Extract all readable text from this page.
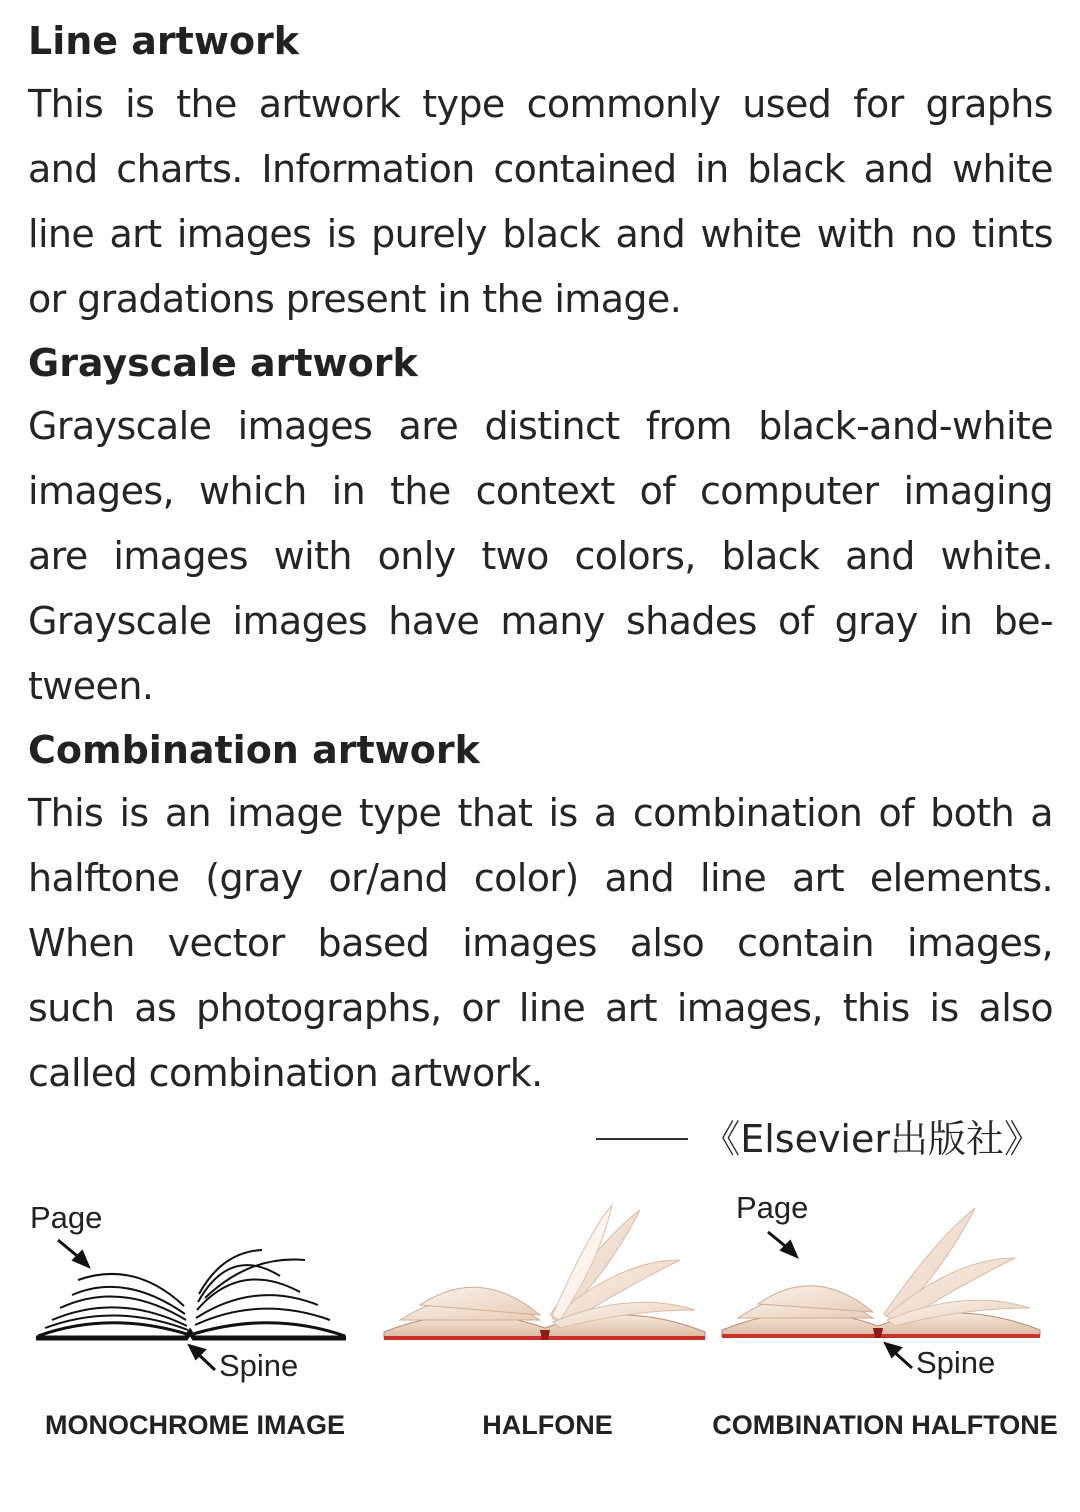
Line artwork

This is the artwork type commonly used for graphs

and charts. Information contained in black and white

line art images is purely black and white with no tints

or gradations present in the image.

Grayscale artwork

Grayscale images are distinct from black-and-white

images, which in the context of computer imaging

are images with only two colors, black and white.

Grayscale images have many shades of gray in be-

tween.

Combination artwork

This is an image type that is a combination of both a

halftone (gray or/and color) and line art elements.

When vector based images also contain images,

such as photographs, or line art images, this is also

called combination artwork.

《Elsevier出版社》
Page
Spine
Page
Spine
MONOCHROME IMAGE	HALFONE	COMBINATION HALFTONE
